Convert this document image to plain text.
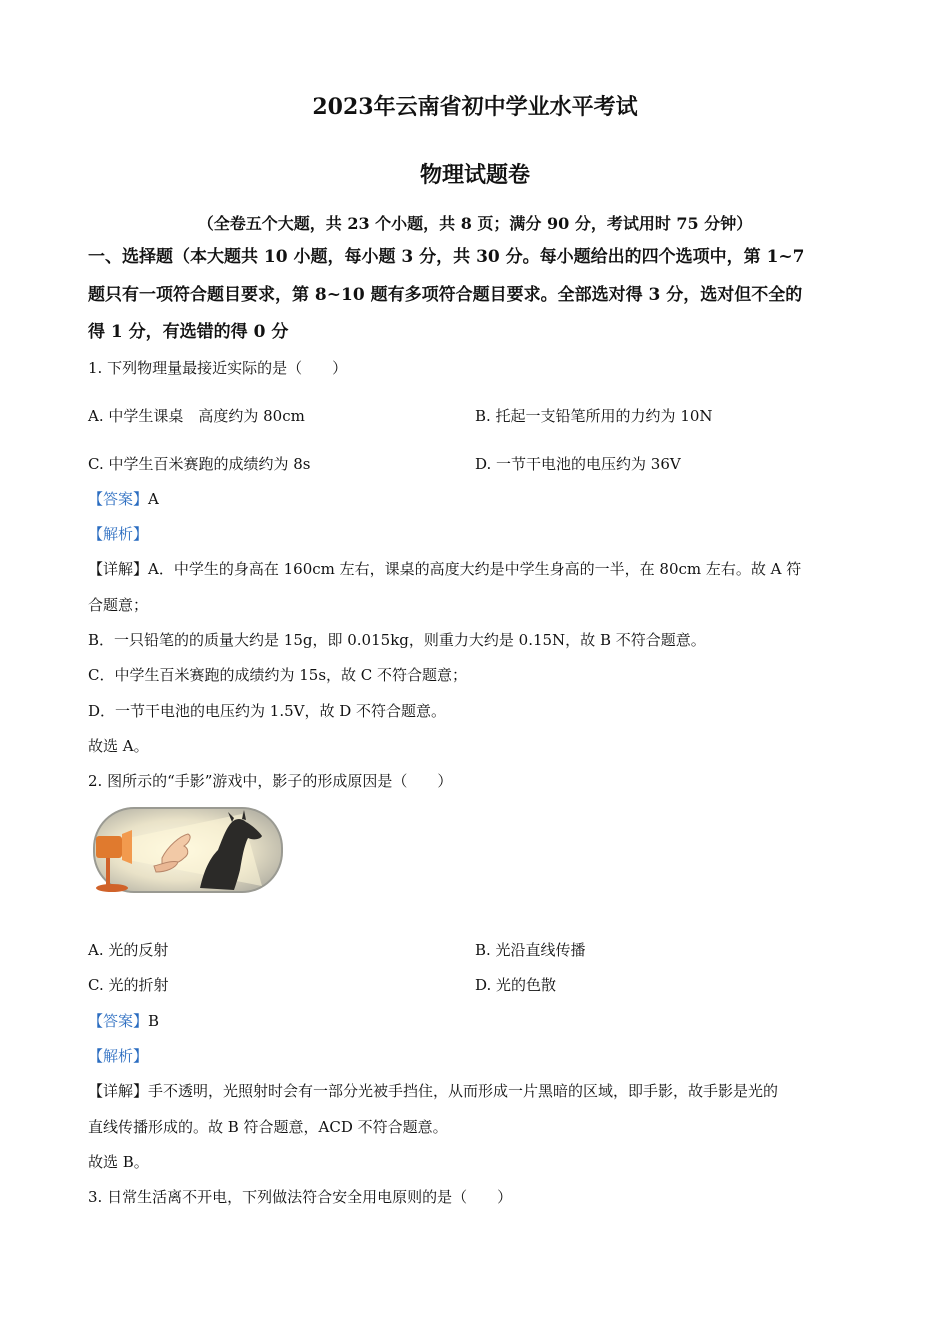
2023年云南省初中学业水平考试
物理试题卷
（全卷五个大题，共 23 个小题，共 8 页；满分 90 分，考试用时 75 分钟）
一、选择题（本大题共 10 小题，每小题 3 分，共 30 分。每小题给出的四个选项中，第 1~7
题只有一项符合题目要求，第 8~10 题有多项符合题目要求。全部选对得 3 分，选对但不全的
得 1 分，有选错的得 0 分
1. 下列物理量最接近实际的是（　　）
A. 中学生课桌　高度约为 80cm	B. 托起一支铅笔所用的力约为 10N
C. 中学生百米赛跑的成绩约为 8s	D. 一节干电池的电压约为 36V
【答案】A
【解析】
【详解】A．中学生的身高在 160cm 左右，课桌的高度大约是中学生身高的一半，在 80cm 左右。故 A 符
合题意；
B．一只铅笔的的质量大约是 15g，即 0.015kg，则重力大约是 0.15N，故 B 不符合题意。
C．中学生百米赛跑的成绩约为 15s，故 C 不符合题意；
D．一节干电池的电压约为 1.5V，故 D 不符合题意。
故选 A。
2. 图所示的“手影”游戏中，影子的形成原因是（　　）
A. 光的反射	B. 光沿直线传播
C. 光的折射	D. 光的色散
【答案】B
【解析】
【详解】手不透明，光照射时会有一部分光被手挡住，从而形成一片黑暗的区域，即手影，故手影是光的
直线传播形成的。故 B 符合题意，ACD 不符合题意。
故选 B。
3. 日常生活离不开电，下列做法符合安全用电原则的是（　　）
